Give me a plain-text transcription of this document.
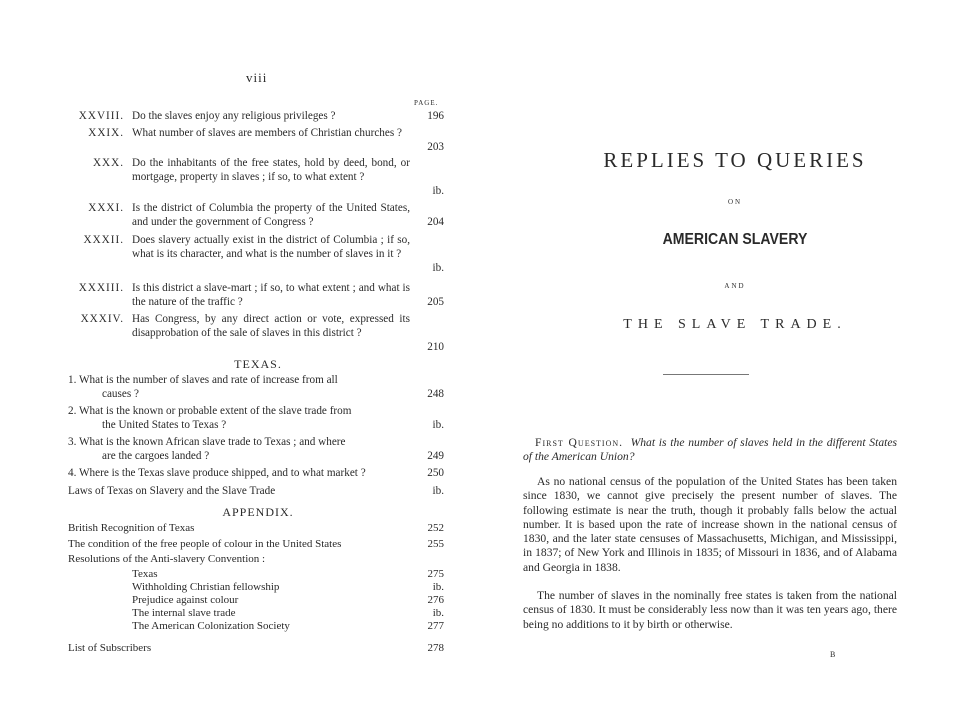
viii
PAGE.
XXVIII. Do the slaves enjoy any religious privileges ?	196
XXIX. What number of slaves are members of Christian churches ?
203
XXX. Do the inhabitants of the free states, hold by deed, bond, or mortgage, property in slaves ; if so, to what extent ?
ib.
XXXI. Is the district of Columbia the property of the United States, and under the government of Congress ?	204
XXXII. Does slavery actually exist in the district of Columbia ; if so, what is its character, and what is the number of slaves in it ?
ib.
XXXIII. Is this district a slave-mart ; if so, to what extent ; and what is the nature of the traffic ?	205
XXXIV. Has Congress, by any direct action or vote, expressed its disapprobation of the sale of slaves in this district ?
210
TEXAS.
1. What is the number of slaves and rate of increase from all
causes ?	248
2. What is the known or probable extent of the slave trade from
the United States to Texas ?	ib.
3. What is the known African slave trade to Texas ; and where
are the cargoes landed ?	249
4. Where is the Texas slave produce shipped, and to what market ?	250
Laws of Texas on Slavery and the Slave Trade	ib.
APPENDIX.
British Recognition of Texas	252
The condition of the free people of colour in the United States	255
Resolutions of the Anti-slavery Convention :
Texas	275
Withholding Christian fellowship	ib.
Prejudice against colour	276
The internal slave trade	ib.
The American Colonization Society	277
List of Subscribers	278
REPLIES TO QUERIES
ON
AMERICAN SLAVERY
AND
THE SLAVE TRADE.

First Question. What is the number of slaves held in the different States of the American Union?

As no national census of the population of the United States has been taken since 1830, we cannot give precisely the present number of slaves. The following estimate is near the truth, though it probably falls below the actual number. It is based upon the rate of increase shown in the national census of 1830, and the later state censuses of Massachusetts, Michigan, and Mississippi, in 1837; of New York and Illinois in 1835; of Missouri in 1836, and of Alabama and Georgia in 1838.

The number of slaves in the nominally free states is taken from the national census of 1830. It must be considerably less now than it was ten years ago, there being no additions to it by birth or otherwise.

B
